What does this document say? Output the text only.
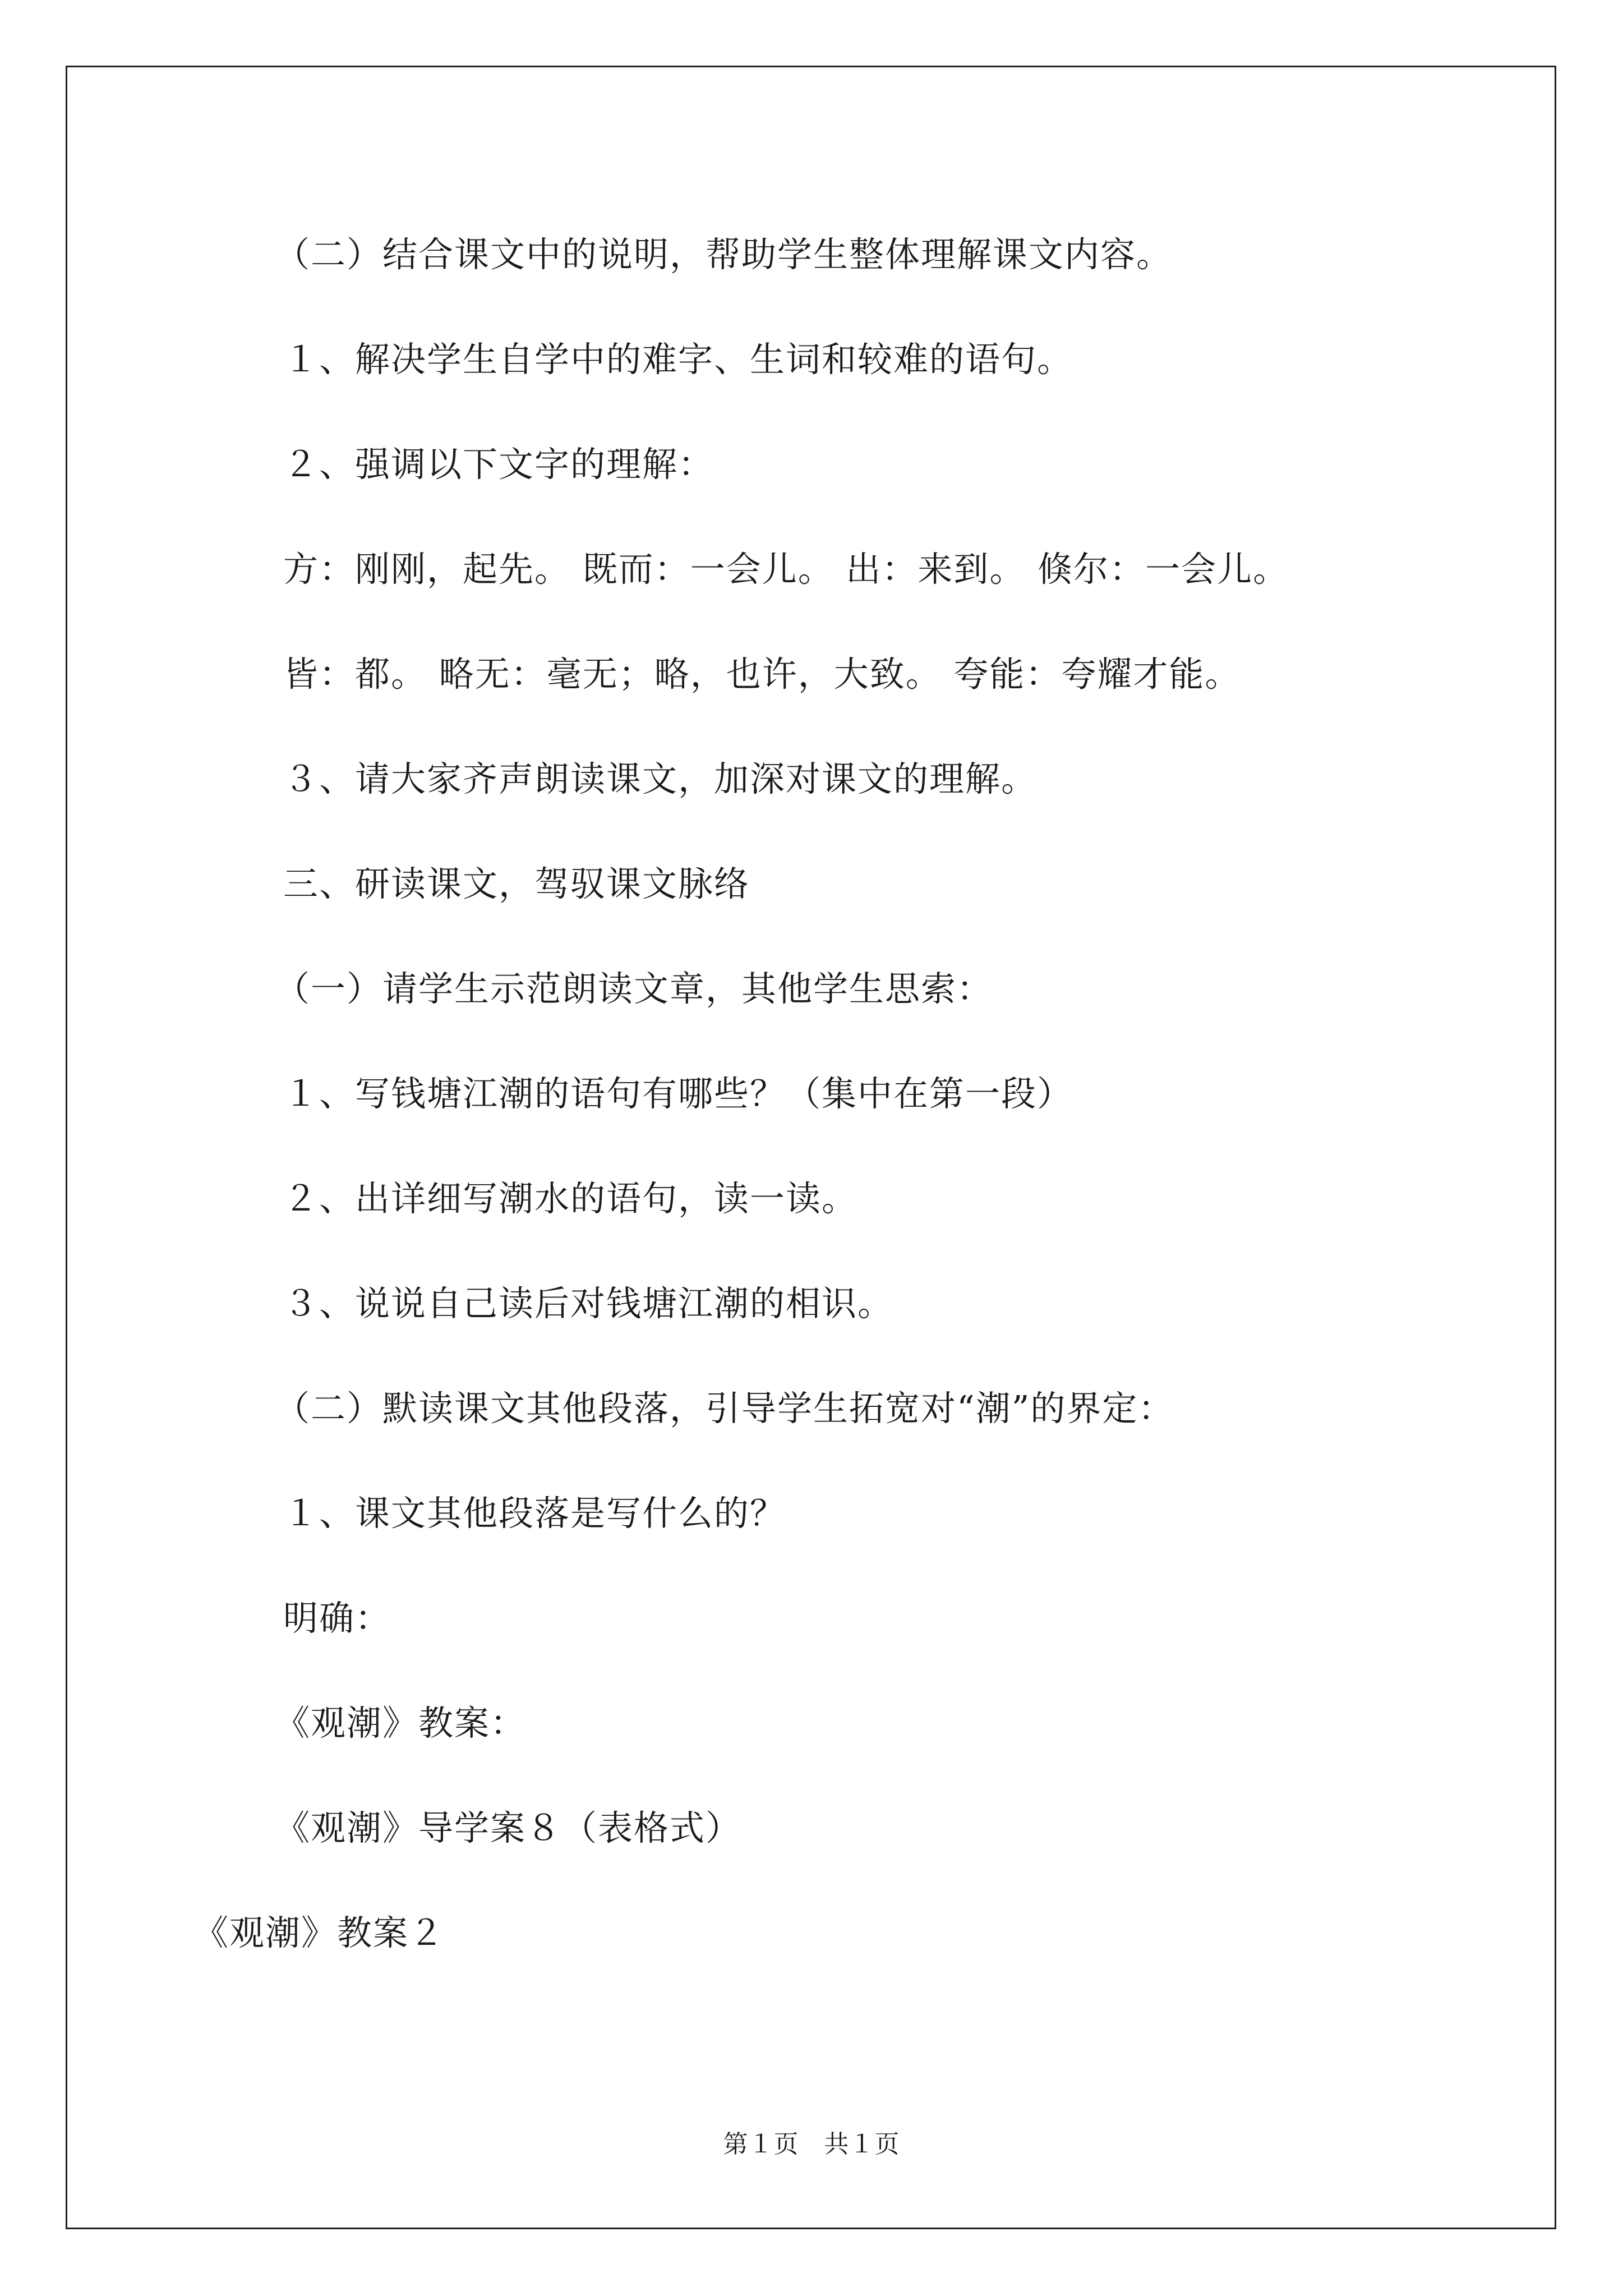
（二）结合课文中的说明，帮助学生整体理解课文内容。
１、解决学生自学中的难字、生词和较难的语句。
２、强调以下文字的理解：
方：刚刚，起先。 既而：一会儿。 出：来到。 倏尔：一会儿。
皆：都。 略无：毫无；略，也许，大致。 夸能：夸耀才能。
３、请大家齐声朗读课文，加深对课文的理解。
三、研读课文，驾驭课文脉络
（一）请学生示范朗读文章，其他学生思索：
１、写钱塘江潮的语句有哪些？（集中在第一段）
２、出详细写潮水的语句，读一读。
３、说说自己读后对钱塘江潮的相识。
（二）默读课文其他段落，引导学生拓宽对“潮”的界定：
１、课文其他段落是写什么的？
明确：
《观潮》教案：
《观潮》导学案８（表格式）
《观潮》教案２
第１页　共１页
